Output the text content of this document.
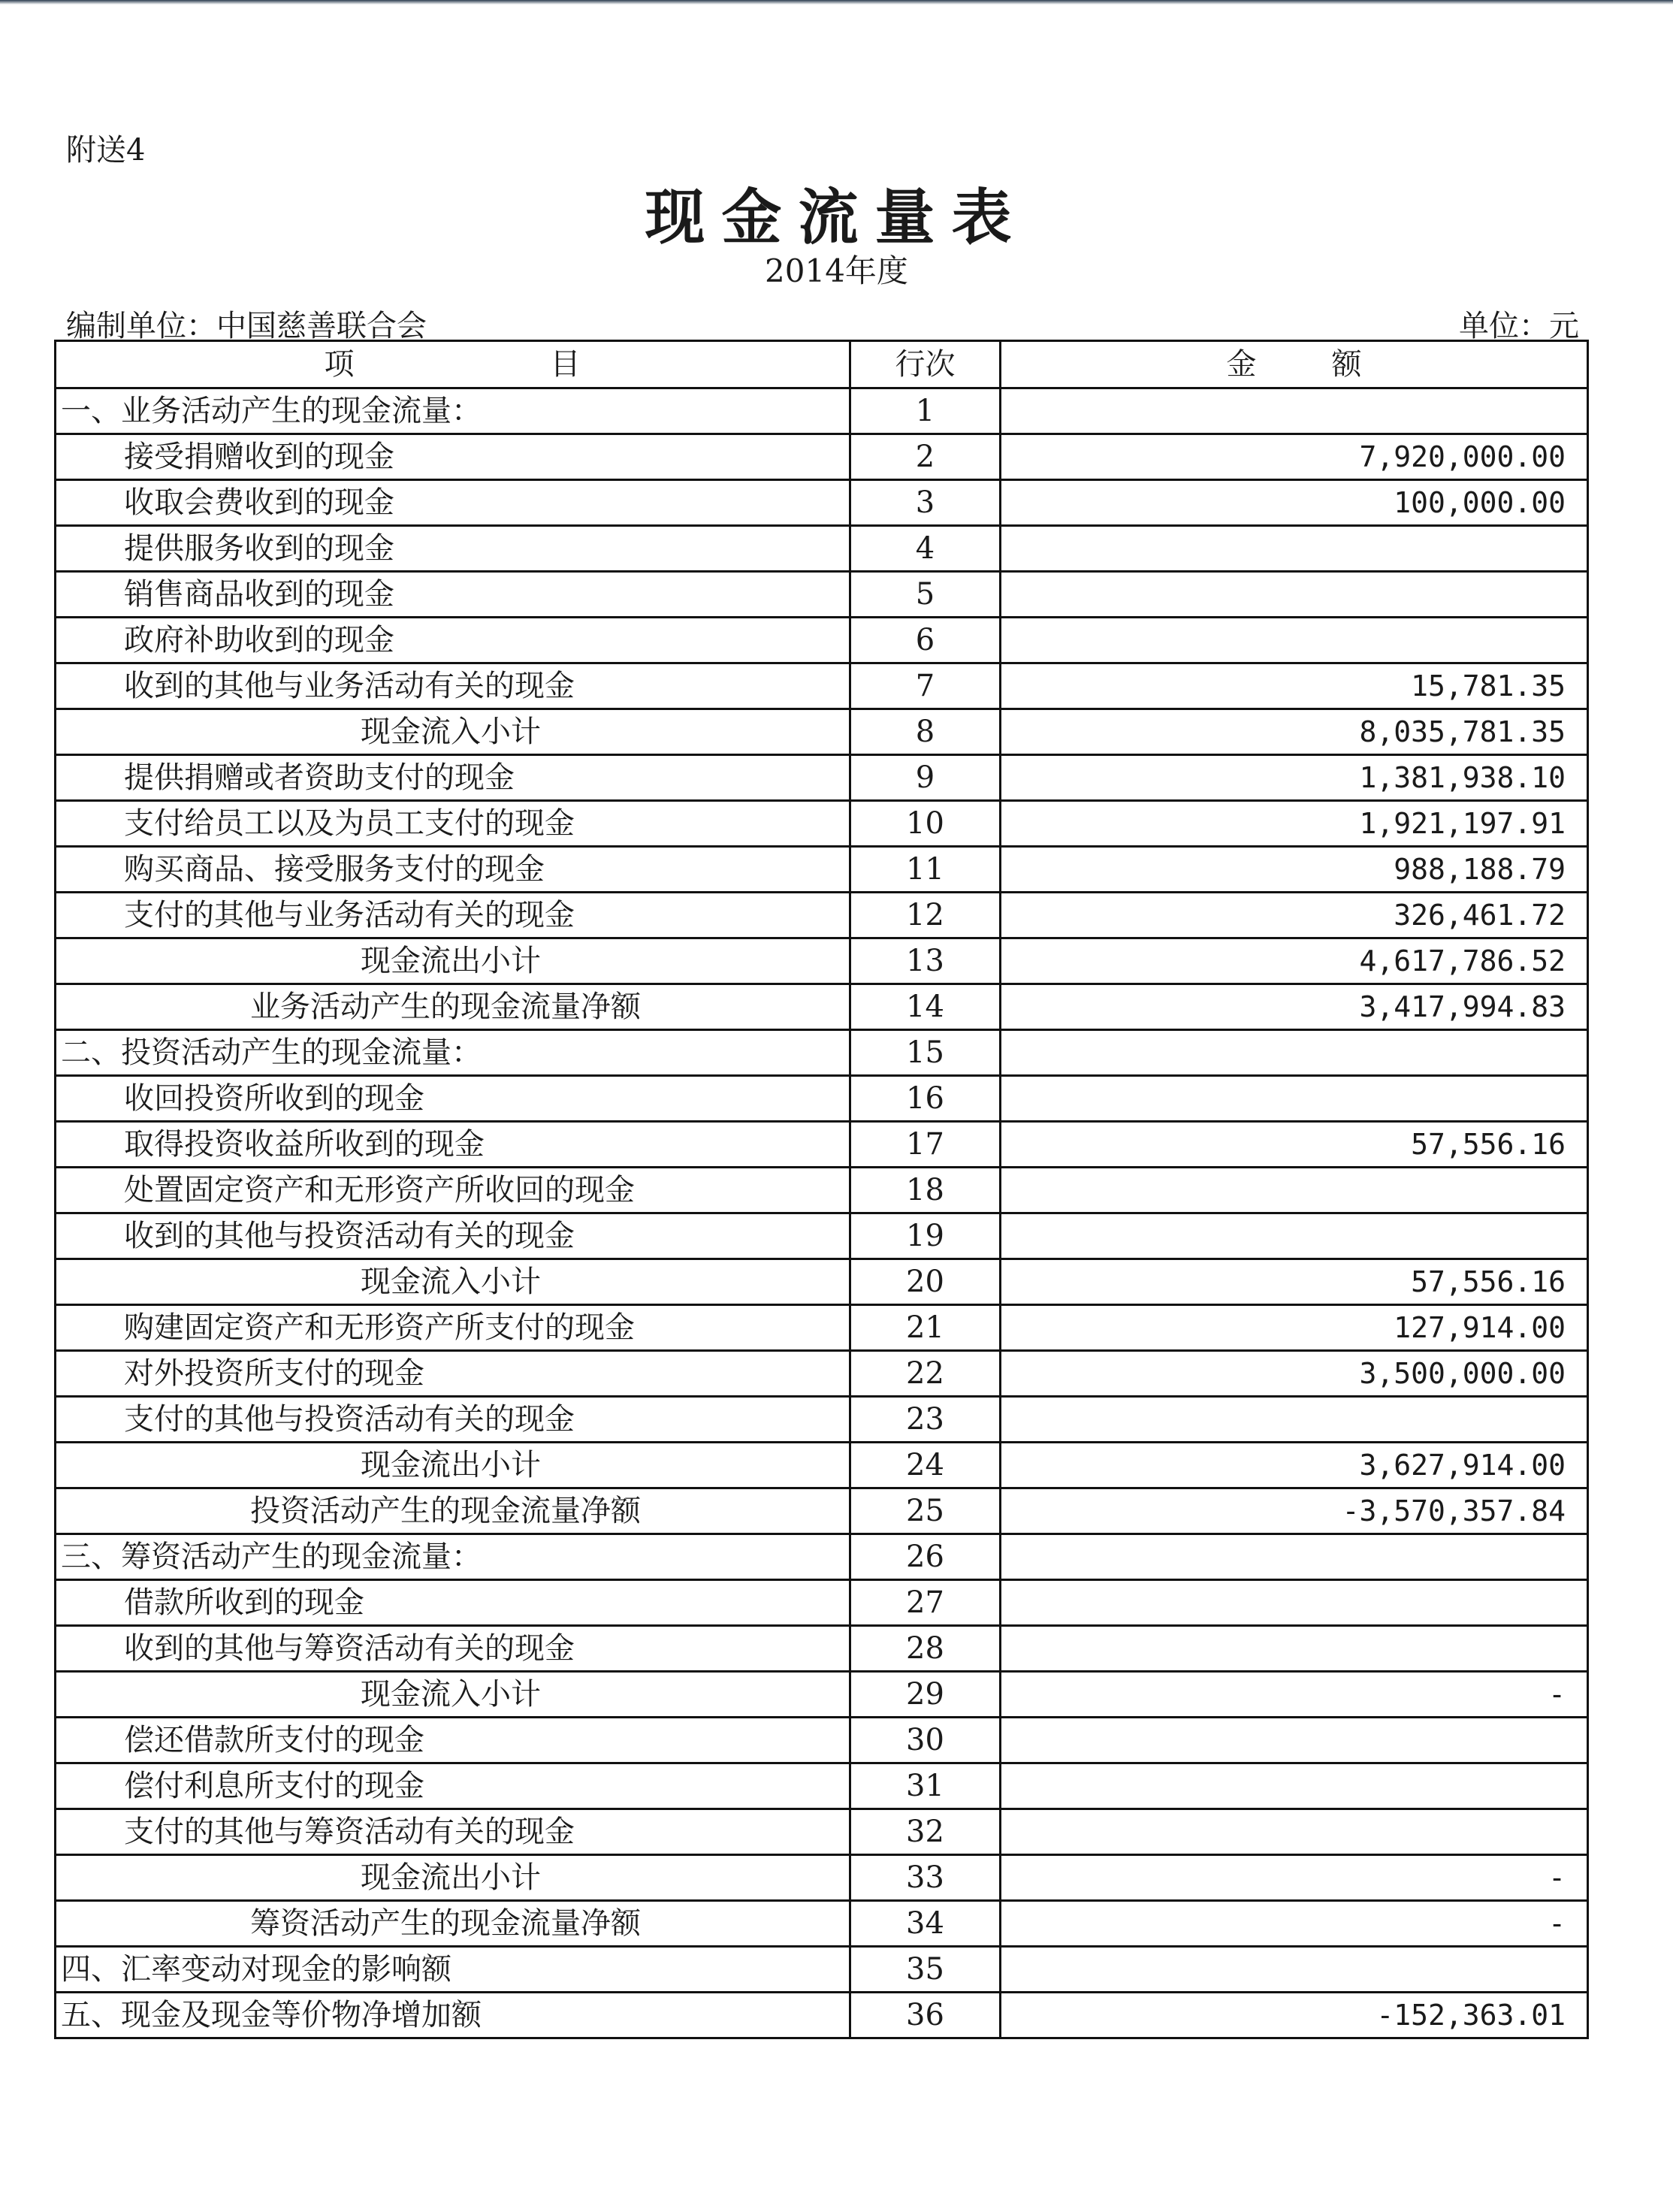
附送4
现金流量表
2014年度
编制单位：中国慈善联合会	单位：元
项 目	行次	金 额
一、业务活动产生的现金流量：	1	
接受捐赠收到的现金	2	7,920,000.00
收取会费收到的现金	3	100,000.00
提供服务收到的现金	4	
销售商品收到的现金	5	
政府补助收到的现金	6	
收到的其他与业务活动有关的现金	7	15,781.35
现金流入小计	8	8,035,781.35
提供捐赠或者资助支付的现金	9	1,381,938.10
支付给员工以及为员工支付的现金	10	1,921,197.91
购买商品、接受服务支付的现金	11	988,188.79
支付的其他与业务活动有关的现金	12	326,461.72
现金流出小计	13	4,617,786.52
业务活动产生的现金流量净额	14	3,417,994.83
二、投资活动产生的现金流量：	15	
收回投资所收到的现金	16	
取得投资收益所收到的现金	17	57,556.16
处置固定资产和无形资产所收回的现金	18	
收到的其他与投资活动有关的现金	19	
现金流入小计	20	57,556.16
购建固定资产和无形资产所支付的现金	21	127,914.00
对外投资所支付的现金	22	3,500,000.00
支付的其他与投资活动有关的现金	23	
现金流出小计	24	3,627,914.00
投资活动产生的现金流量净额	25	-3,570,357.84
三、筹资活动产生的现金流量：	26	
借款所收到的现金	27	
收到的其他与筹资活动有关的现金	28	
现金流入小计	29	-
偿还借款所支付的现金	30	
偿付利息所支付的现金	31	
支付的其他与筹资活动有关的现金	32	
现金流出小计	33	-
筹资活动产生的现金流量净额	34	-
四、汇率变动对现金的影响额	35	
五、现金及现金等价物净增加额	36	-152,363.01
